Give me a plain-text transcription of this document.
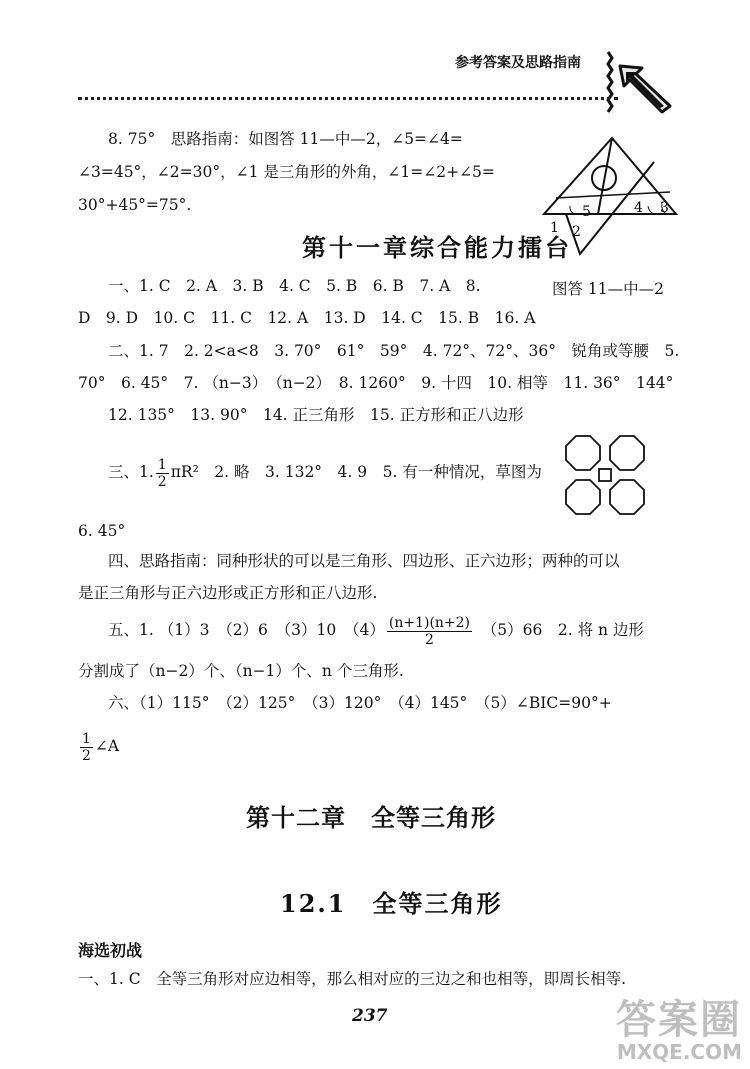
参考答案及思路指南
8. 75°　思路指南：如图答 11—中—2，∠5=∠4=
∠3=45°，∠2=30°，∠1 是三角形的外角，∠1=∠2+∠5=
30°+45°=75°.
1 2
5	4 3
图答 11—中—2
第十一章综合能力擂台
一、1. C　2. A　3. B　4. C　5. B　6. B　7. A　8.
D　9. D　10. C　11. C　12. A　13. D　14. C　15. B　16. A
二、1. 7　2. 2<a<8　3. 70°　61°　59°　4. 72°、72°、36°　锐角或等腰　5.
70°　6. 45°　7. （n−3）　（n−2）　8. 1260°　9. 十四　10. 相等　11. 36°　144°
12. 135°　13. 90°　14. 正三角形　15. 正方形和正八边形
三、1. $\frac{1}{2} \pi R^2$　2. 略　3. 132°　4. 9　5. 有一种情况，草图为
6. 45°
四、思路指南：同种形状的可以是三角形、四边形、正六边形；两种的可以
是正三角形与正六边形或正方形和正八边形.
五、1. （1）3　（2）6　（3）10　$(4) \frac{(n+1)(n+2)}{2}$ 　（5）66　2. 将 n 边形
分割成了（n−2）个、（n−1）个、n 个三角形.
六、（1）115°　（2）125°　（3）120°　（4）145°　（5）∠BIC=90°+
$\frac{1}{2}$ ∠A
第十二章　全等三角形
12.1　全等三角形
海选初战
一、1. C　全等三角形对应边相等，那么相对应的三边之和也相等，即周长相等.
237	答案圈
MXQE.COM
